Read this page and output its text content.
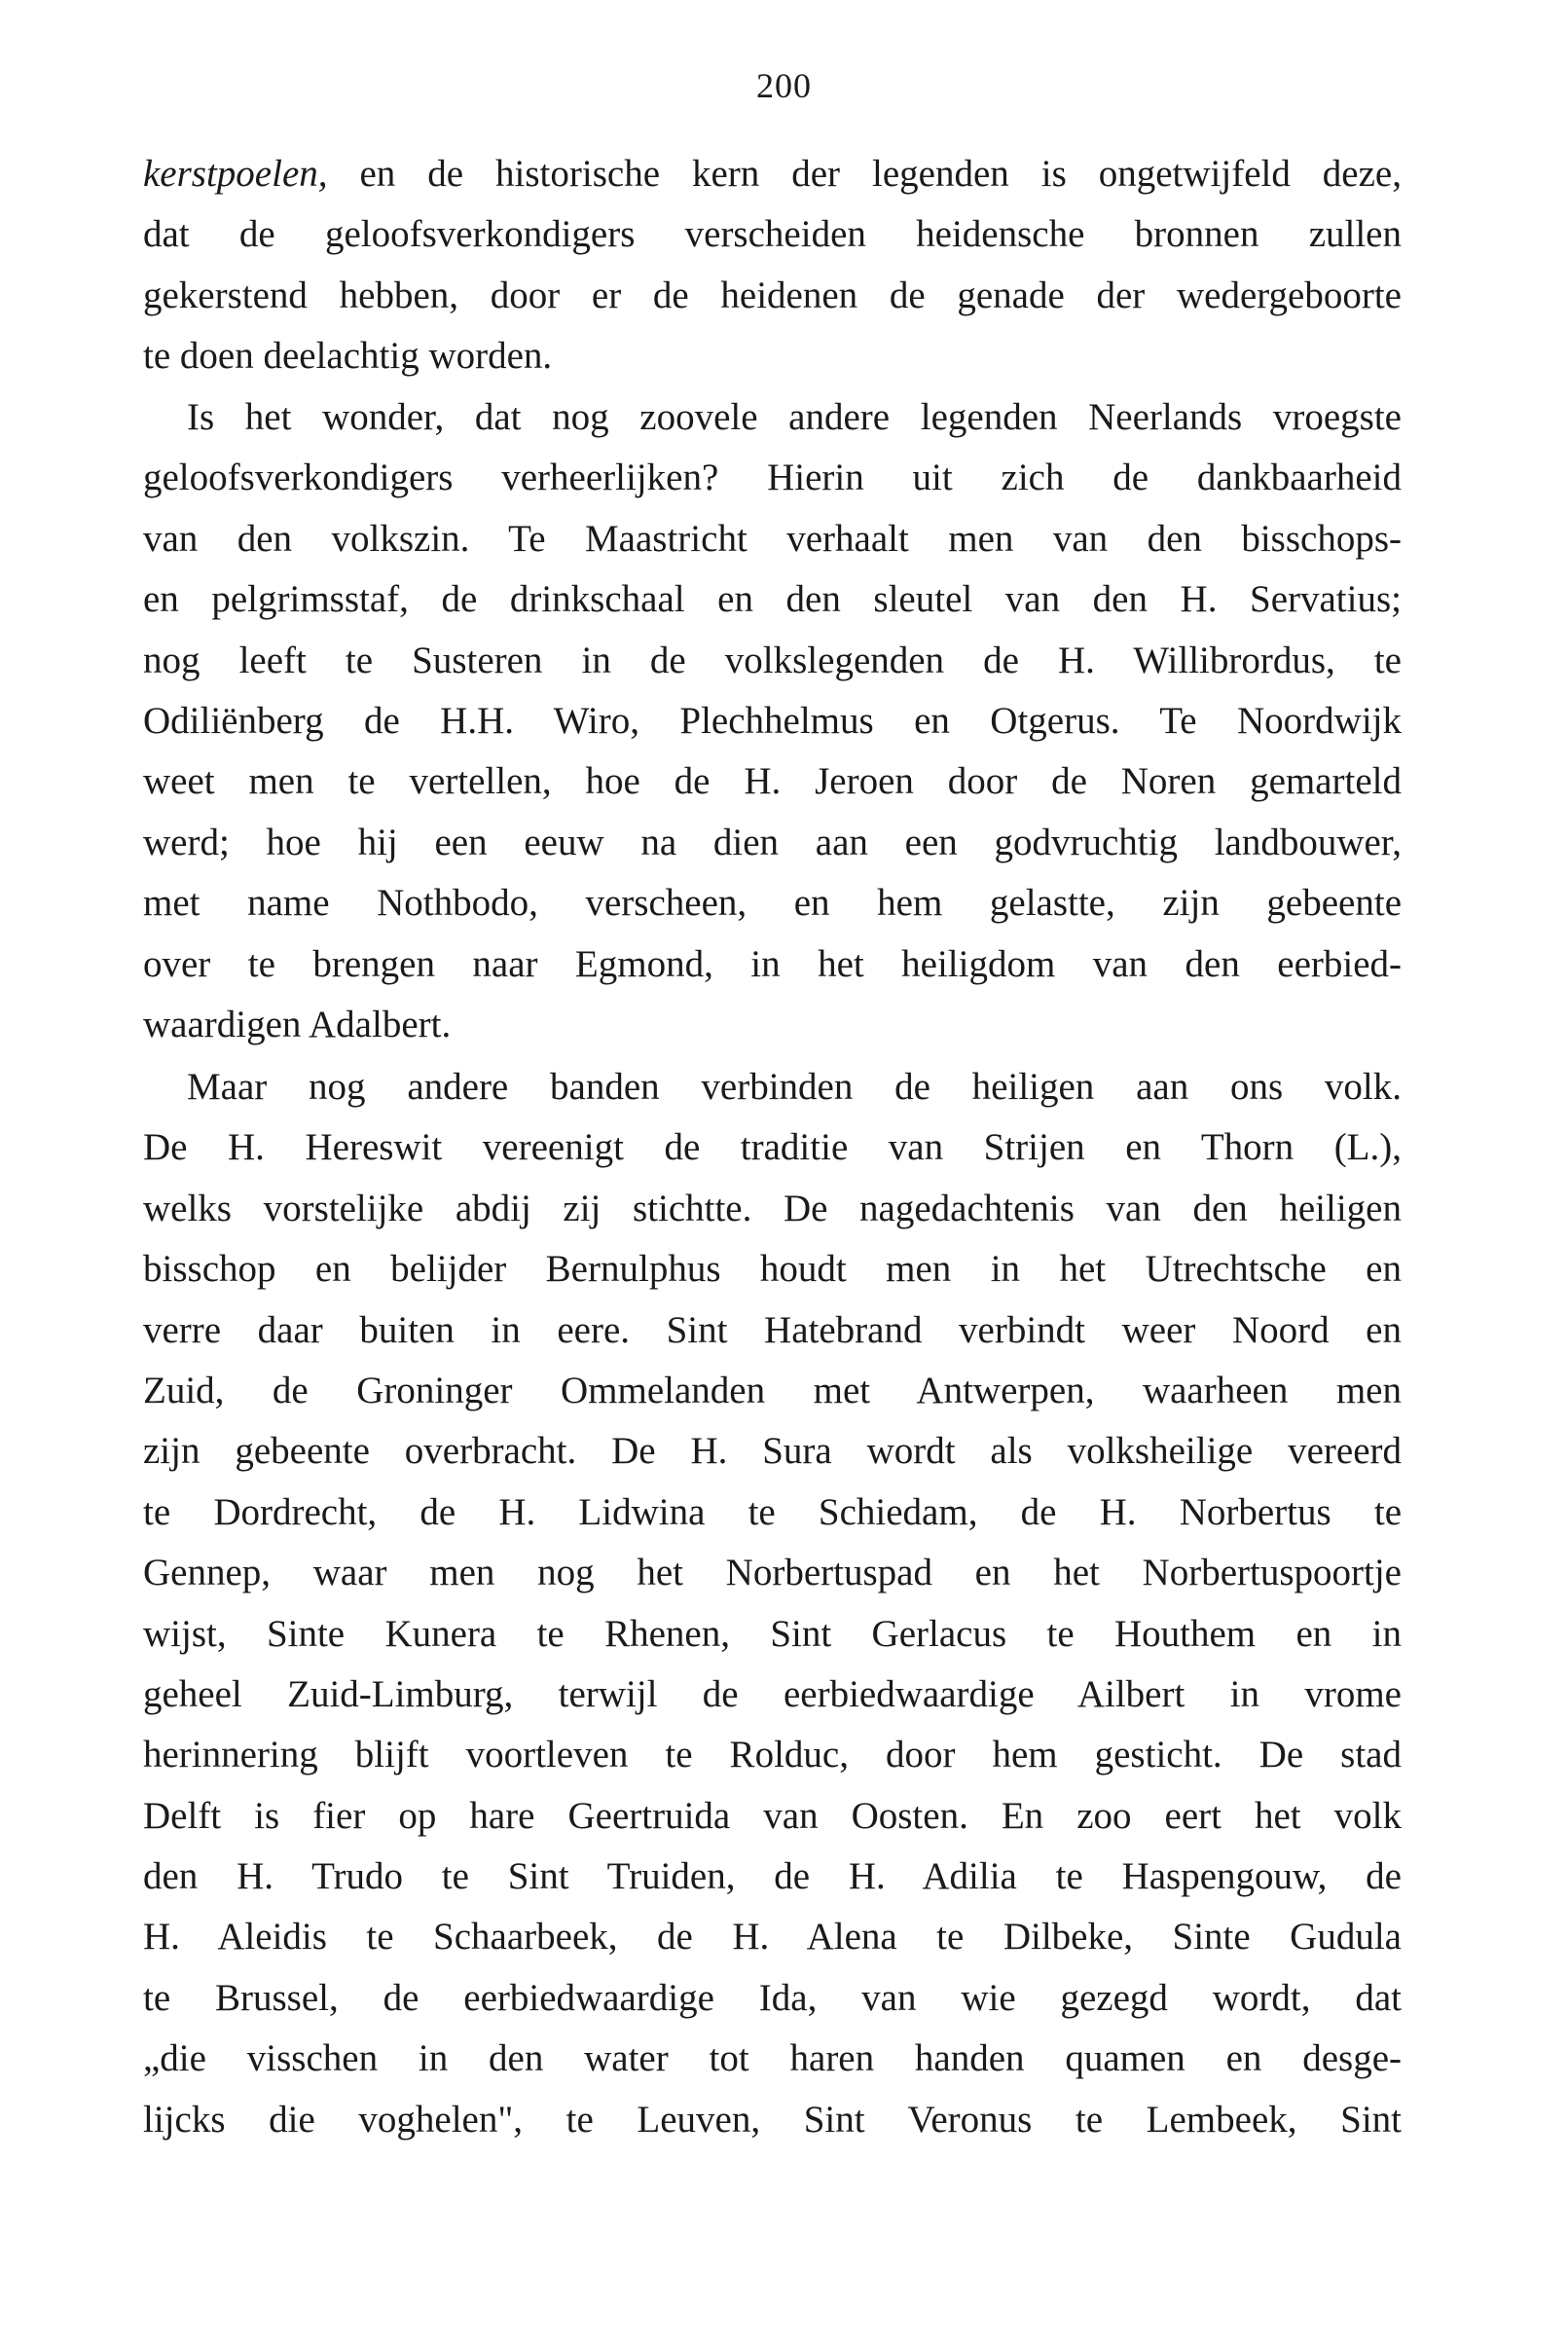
200
kerstpoelen, en de historische kern der legenden is ongetwijfeld deze,
dat de geloofsverkondigers verscheiden heidensche bronnen zullen
gekerstend hebben, door er de heidenen de genade der wedergeboorte
te doen deelachtig worden.
Is het wonder, dat nog zoovele andere legenden Neerlands vroegste
geloofsverkondigers verheerlijken? Hierin uit zich de dankbaarheid
van den volkszin. Te Maastricht verhaalt men van den bisschops-
en pelgrimsstaf, de drinkschaal en den sleutel van den H. Servatius;
nog leeft te Susteren in de volkslegenden de H. Willibrordus, te
Odiliënberg de H.H. Wiro, Plechhelmus en Otgerus. Te Noordwijk
weet men te vertellen, hoe de H. Jeroen door de Noren gemarteld
werd; hoe hij een eeuw na dien aan een godvruchtig landbouwer,
met name Nothbodo, verscheen, en hem gelastte, zijn gebeente
over te brengen naar Egmond, in het heiligdom van den eerbied-
waardigen Adalbert.
Maar nog andere banden verbinden de heiligen aan ons volk.
De H. Hereswit vereenigt de traditie van Strijen en Thorn (L.),
welks vorstelijke abdij zij stichtte. De nagedachtenis van den heiligen
bisschop en belijder Bernulphus houdt men in het Utrechtsche en
verre daar buiten in eere. Sint Hatebrand verbindt weer Noord en
Zuid, de Groninger Ommelanden met Antwerpen, waarheen men
zijn gebeente overbracht. De H. Sura wordt als volksheilige vereerd
te Dordrecht, de H. Lidwina te Schiedam, de H. Norbertus te
Gennep, waar men nog het Norbertuspad en het Norbertuspoortje
wijst, Sinte Kunera te Rhenen, Sint Gerlacus te Houthem en in
geheel Zuid-Limburg, terwijl de eerbiedwaardige Ailbert in vrome
herinnering blijft voortleven te Rolduc, door hem gesticht. De stad
Delft is fier op hare Geertruida van Oosten. En zoo eert het volk
den H. Trudo te Sint Truiden, de H. Adilia te Haspengouw, de
H. Aleidis te Schaarbeek, de H. Alena te Dilbeke, Sinte Gudula
te Brussel, de eerbiedwaardige Ida, van wie gezegd wordt, dat
„die visschen in den water tot haren handen quamen en desge-
lijcks die voghelen", te Leuven, Sint Veronus te Lembeek, Sint
